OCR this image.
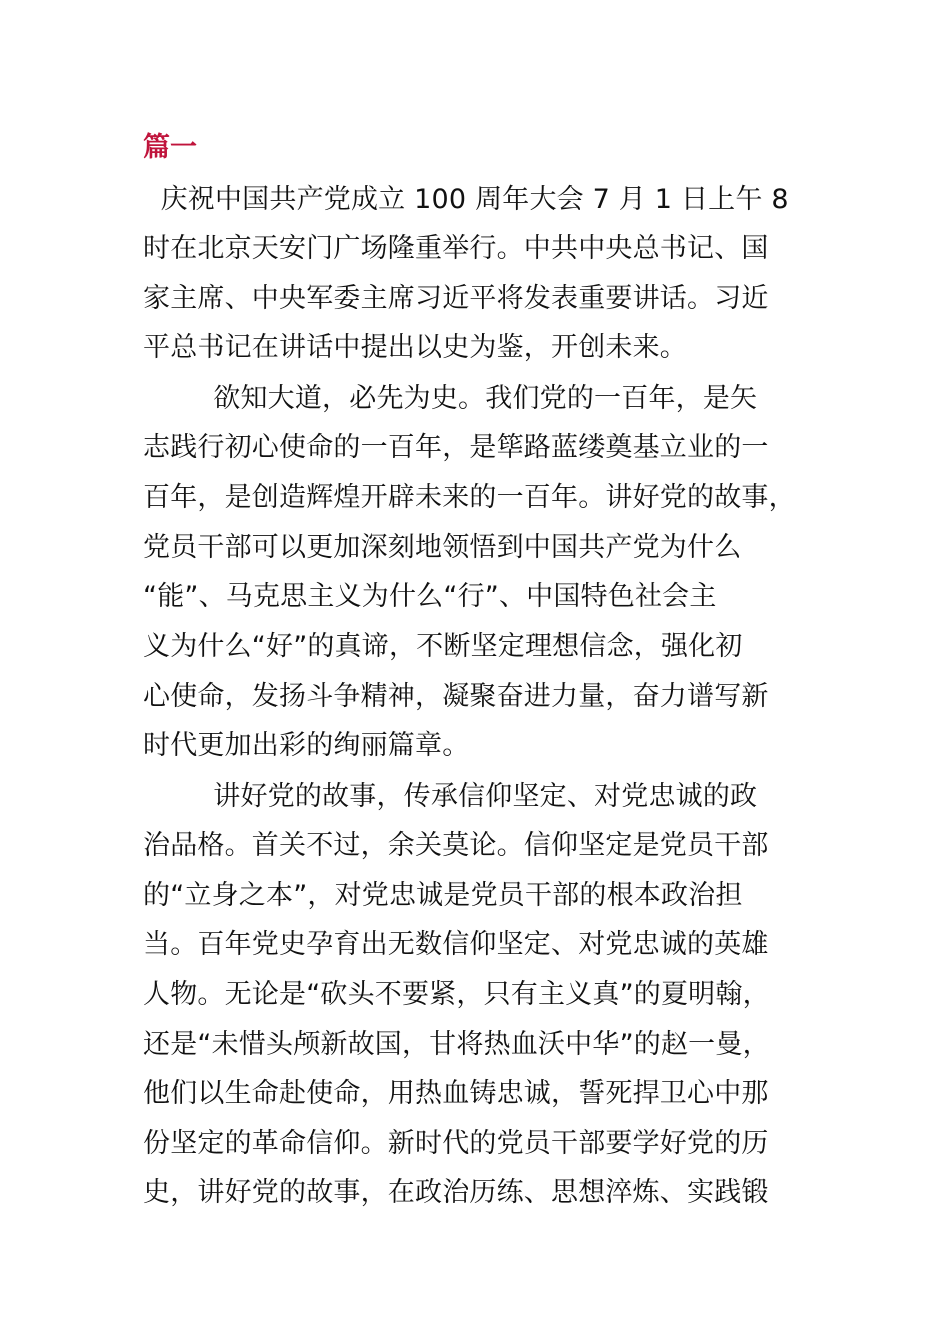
篇一
庆祝中国共产党成立 100 周年大会 7 月 1 日上午 8
时在北京天安门广场隆重举行。中共中央总书记、国
家主席、中央军委主席习近平将发表重要讲话。习近
平总书记在讲话中提出以史为鉴，开创未来。
欲知大道，必先为史。我们党的一百年，是矢
志践行初心使命的一百年，是筚路蓝缕奠基立业的一
百年，是创造辉煌开辟未来的一百年。讲好党的故事，
党员干部可以更加深刻地领悟到中国共产党为什么
“能”、马克思主义为什么“行”、中国特色社会主
义为什么“好”的真谛，不断坚定理想信念，强化初
心使命，发扬斗争精神，凝聚奋进力量，奋力谱写新
时代更加出彩的绚丽篇章。
讲好党的故事，传承信仰坚定、对党忠诚的政
治品格。首关不过，余关莫论。信仰坚定是党员干部
的“立身之本”，对党忠诚是党员干部的根本政治担
当。百年党史孕育出无数信仰坚定、对党忠诚的英雄
人物。无论是“砍头不要紧，只有主义真”的夏明翰，
还是“未惜头颅新故国，甘将热血沃中华”的赵一曼，
他们以生命赴使命，用热血铸忠诚，誓死捍卫心中那
份坚定的革命信仰。新时代的党员干部要学好党的历
史，讲好党的故事，在政治历练、思想淬炼、实践锻
